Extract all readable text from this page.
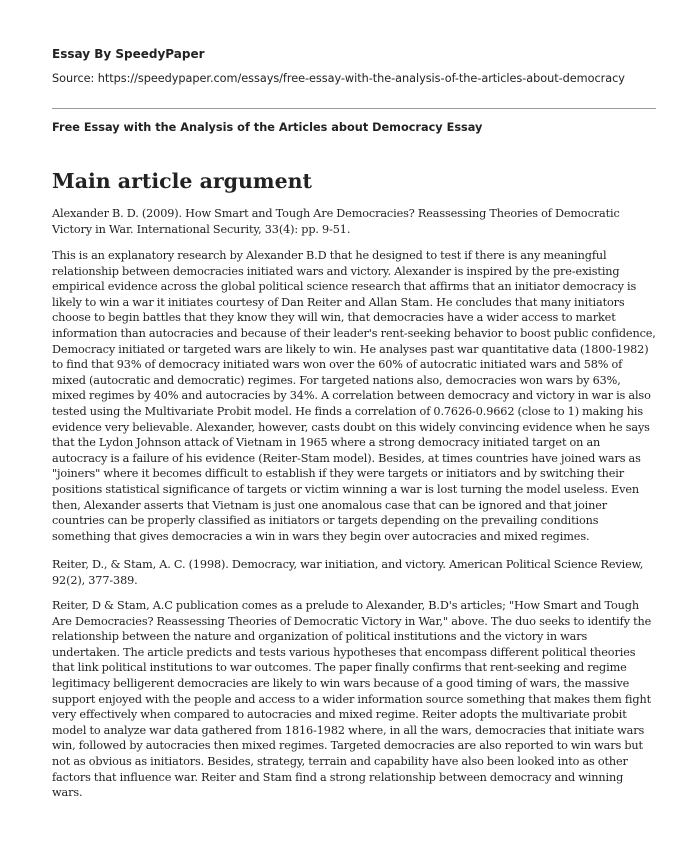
Essay By SpeedyPaper
Source: https://speedypaper.com/essays/free-essay-with-the-analysis-of-the-articles-about-democracy
Free Essay with the Analysis of the Articles about Democracy Essay
Main article argument

Alexander B. D. (2009). How Smart and Tough Are Democracies? Reassessing Theories of Democratic Victory in War. International Security, 33(4): pp. 9-51.

This is an explanatory research by Alexander B.D that he designed to test if there is any meaningful relationship between democracies initiated wars and victory. Alexander is inspired by the pre-existing empirical evidence across the global political science research that affirms that an initiator democracy is likely to win a war it initiates courtesy of Dan Reiter and Allan Stam. He concludes that many initiators choose to begin battles that they know they will win, that democracies have a wider access to market information than autocracies and because of their leader's rent-seeking behavior to boost public confidence, Democracy initiated or targeted wars are likely to win. He analyses past war quantitative data (1800-1982) to find that 93% of democracy initiated wars won over the 60% of autocratic initiated wars and 58% of mixed (autocratic and democratic) regimes. For targeted nations also, democracies won wars by 63%, mixed regimes by 40% and autocracies by 34%. A correlation between democracy and victory in war is also tested using the Multivariate Probit model. He finds a correlation of 0.7626-0.9662 (close to 1) making his evidence very believable. Alexander, however, casts doubt on this widely convincing evidence when he says that the Lydon Johnson attack of Vietnam in 1965 where a strong democracy initiated target on an autocracy is a failure of his evidence (Reiter-Stam model). Besides, at times countries have joined wars as "joiners" where it becomes difficult to establish if they were targets or initiators and by switching their positions statistical significance of targets or victim winning a war is lost turning the model useless. Even then, Alexander asserts that Vietnam is just one anomalous case that can be ignored and that joiner countries can be properly classified as initiators or targets depending on the prevailing conditions something that gives democracies a win in wars they begin over autocracies and mixed regimes.

Reiter, D., & Stam, A. C. (1998). Democracy, war initiation, and victory. American Political Science Review, 92(2), 377-389.

Reiter, D & Stam, A.C publication comes as a prelude to Alexander, B.D's articles; "How Smart and Tough Are Democracies? Reassessing Theories of Democratic Victory in War," above. The duo seeks to identify the relationship between the nature and organization of political institutions and the victory in wars undertaken. The article predicts and tests various hypotheses that encompass different political theories that link political institutions to war outcomes. The paper finally confirms that rent-seeking and regime legitimacy belligerent democracies are likely to win wars because of a good timing of wars, the massive support enjoyed with the people and access to a wider information source something that makes them fight very effectively when compared to autocracies and mixed regime. Reiter adopts the multivariate probit model to analyze war data gathered from 1816-1982 where, in all the wars, democracies that initiate wars win, followed by autocracies then mixed regimes. Targeted democracies are also reported to win wars but not as obvious as initiators. Besides, strategy, terrain and capability have also been looked into as other factors that influence war. Reiter and Stam find a strong relationship between democracy and winning wars.
